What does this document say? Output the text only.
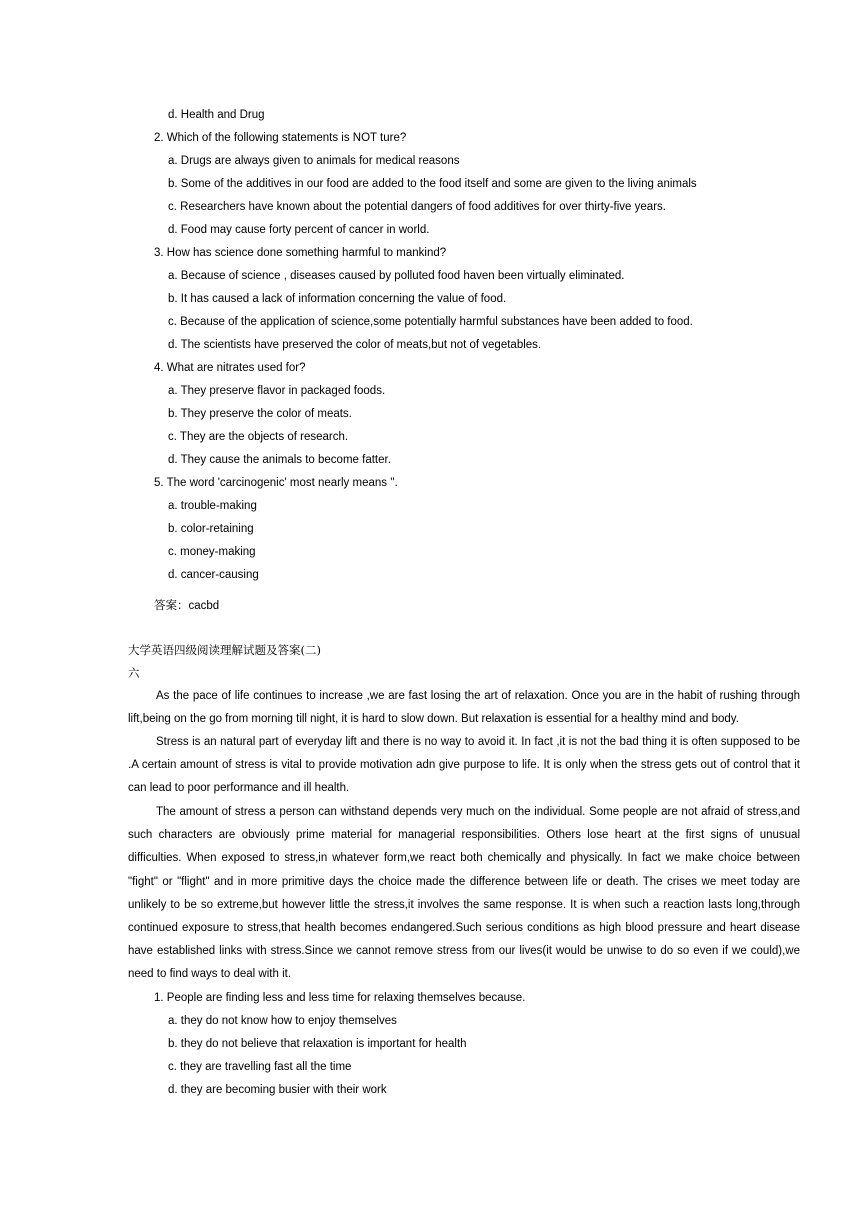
d. Health and Drug
2. Which of the following statements is NOT ture?
a. Drugs are always given to animals for medical reasons
b. Some of the additives in our food are added to the food itself and some are given to the living animals
c. Researchers have known about the potential dangers of food additives for over thirty-five years.
d. Food may cause forty percent of cancer in world.
3. How has science done something harmful to mankind?
a. Because of science , diseases caused by polluted food haven been virtually eliminated.
b. It has caused a lack of information concerning the value of food.
c. Because of the application of science,some potentially harmful substances have been added to food.
d. The scientists have preserved the color of meats,but not of vegetables.
4. What are nitrates used for?
a. They preserve flavor in packaged foods.
b. They preserve the color of meats.
c. They are the objects of research.
d. They cause the animals to become fatter.
5. The word 'carcinogenic' most nearly means ''.
a. trouble-making
b. color-retaining
c. money-making
d. cancer-causing
答案：cacbd
大学英语四级阅读理解试题及答案(二)
六
As the pace of life continues to increase ,we are fast losing the art of relaxation. Once you are in the habit of rushing through lift,being on the go from morning till night, it is hard to slow down. But relaxation is essential for a healthy mind and body.
Stress is an natural part of everyday lift and there is no way to avoid it. In fact ,it is not the bad thing it is often supposed to be .A certain amount of stress is vital to provide motivation adn give purpose to life. It is only when the stress gets out of control that it can lead to poor performance and ill health.
The amount of stress a person can withstand depends very much on the individual. Some people are not afraid of stress,and such characters are obviously prime material for managerial responsibilities. Others lose heart at the first signs of unusual difficulties. When exposed to stress,in whatever form,we react both chemically and physically. In fact we make choice between "fight" or "flight" and in more primitive days the choice made the difference between life or death. The crises we meet today are unlikely to be so extreme,but however little the stress,it involves the same response. It is when such a reaction lasts long,through continued exposure to stress,that health becomes endangered.Such serious conditions as high blood pressure and heart disease have established links with stress.Since we cannot remove stress from our lives(it would be unwise to do so even if we could),we need to find ways to deal with it.
1. People are finding less and less time for relaxing themselves because.
a. they do not know how to enjoy themselves
b. they do not believe that relaxation is important for health
c. they are travelling fast all the time
d. they are becoming busier with their work
